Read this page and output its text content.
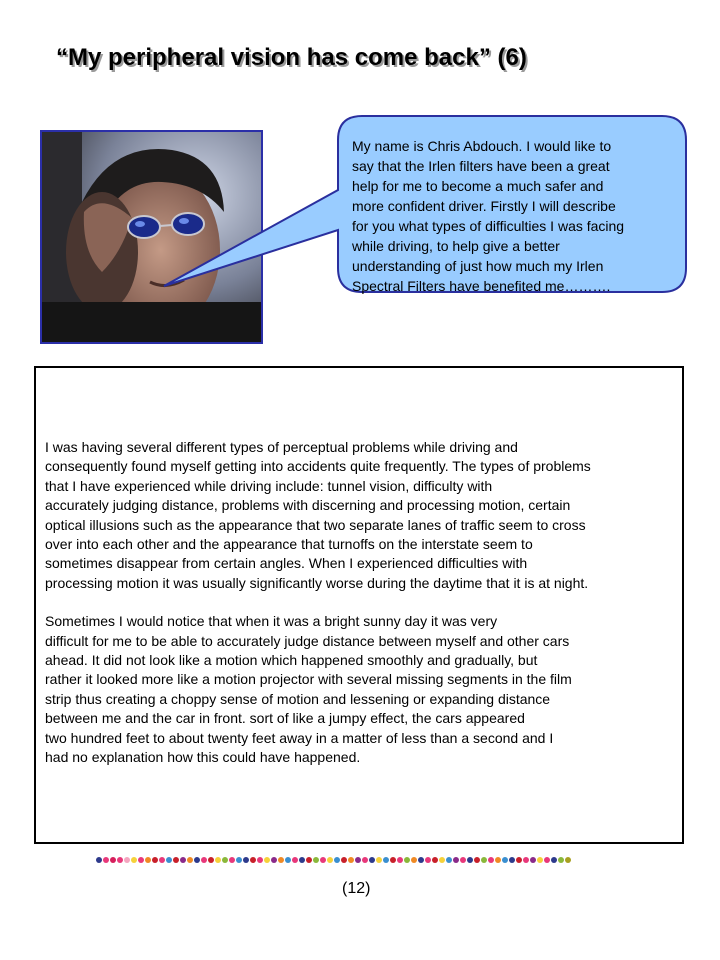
“My peripheral vision has come back” (6)
My name is Chris Abdouch. I would like to
say that the Irlen filters have been a great
help for me to become a much safer and
more confident driver. Firstly I will describe
for you what types of difficulties I was facing
while driving, to help give a better
understanding of just how much my Irlen
Spectral Filters have benefited me……….
I was having several different types of perceptual problems while driving and
consequently found myself getting into accidents quite frequently. The types of problems
that I have experienced while driving include: tunnel vision, difficulty with
accurately judging distance, problems with discerning and processing motion, certain
optical illusions such as the appearance that two separate lanes of traffic seem to cross
over into each other and the appearance that turnoffs on the interstate seem to
sometimes disappear from certain angles. When I experienced difficulties with
processing motion it was usually significantly worse during the daytime that it is at night.
Sometimes I would notice that when it was a bright sunny day it was very
difficult for me to be able to accurately judge distance between myself and other cars
ahead. It did not look like a motion which happened smoothly and gradually, but
rather it looked more like a motion projector with several missing segments in the film
strip thus creating a choppy sense of motion and lessening or expanding distance
between me and the car in front. sort of like a jumpy effect, the cars appeared
two hundred feet to about twenty feet away in a matter of less than a second and I
had no explanation how this could have happened.
(12)
